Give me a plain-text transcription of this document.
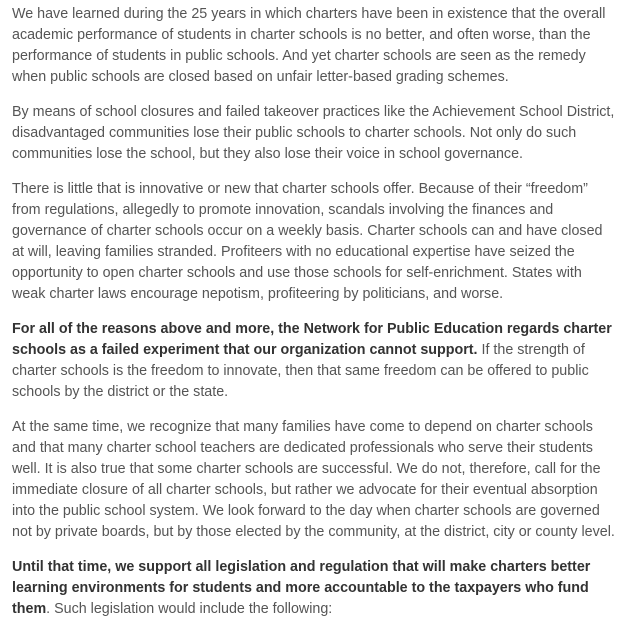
We have learned during the 25 years in which charters have been in existence that the overall academic performance of students in charter schools is no better, and often worse, than the performance of students in public schools. And yet charter schools are seen as the remedy when public schools are closed based on unfair letter-based grading schemes.

By means of school closures and failed takeover practices like the Achievement School District, disadvantaged communities lose their public schools to charter schools. Not only do such communities lose the school, but they also lose their voice in school governance.

There is little that is innovative or new that charter schools offer. Because of their “freedom” from regulations, allegedly to promote innovation, scandals involving the finances and governance of charter schools occur on a weekly basis. Charter schools can and have closed at will, leaving families stranded. Profiteers with no educational expertise have seized the opportunity to open charter schools and use those schools for self-enrichment. States with weak charter laws encourage nepotism, profiteering by politicians, and worse.

For all of the reasons above and more, the Network for Public Education regards charter schools as a failed experiment that our organization cannot support. If the strength of charter schools is the freedom to innovate, then that same freedom can be offered to public schools by the district or the state.

At the same time, we recognize that many families have come to depend on charter schools and that many charter school teachers are dedicated professionals who serve their students well. It is also true that some charter schools are successful. We do not, therefore, call for the immediate closure of all charter schools, but rather we advocate for their eventual absorption into the public school system. We look forward to the day when charter schools are governed not by private boards, but by those elected by the community, at the district, city or county level.

Until that time, we support all legislation and regulation that will make charters better learning environments for students and more accountable to the taxpayers who fund them. Such legislation would include the following:
